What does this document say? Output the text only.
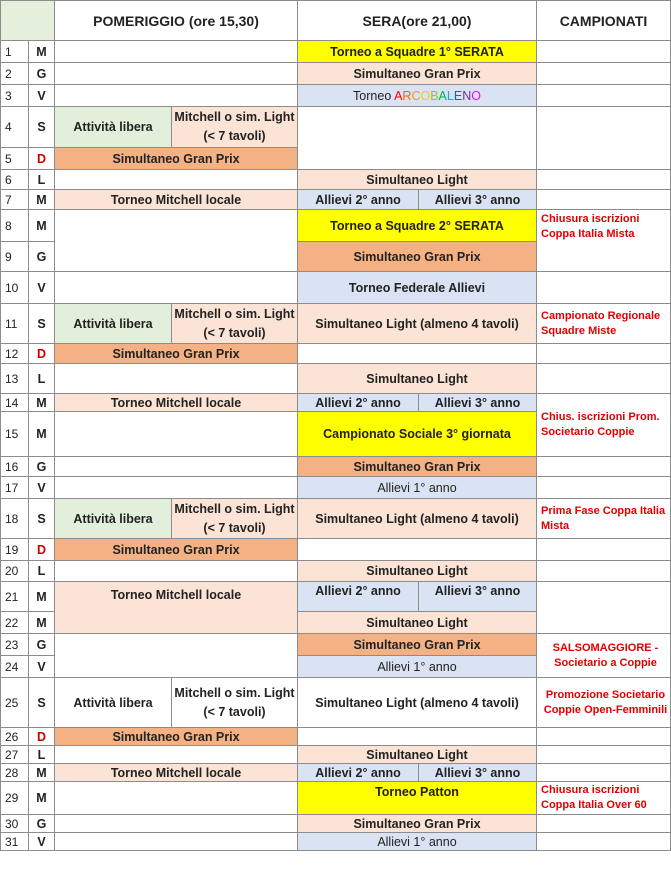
		POMERIGGIO (ore 15,30)		SERA(ore 21,00)		CAMPIONATI
1	M			Torneo a Squadre 1° SERATA		
2	G			Simultaneo Gran Prix		
3	V			Torneo ARCOBALENO		
4	S	Attività libera	Mitchell o sim. Light (< 7 tavoli)			
5	D	Simultaneo Gran Prix				
6	L			Simultaneo Light		
7	M	Torneo Mitchell locale		Allievi 2° anno	Allievi 3° anno	
8	M			Torneo a Squadre 2° SERATA		Chiusura iscrizioni Coppa Italia Mista
9	G			Simultaneo Gran Prix		
10	V			Torneo Federale Allievi		
11	S	Attività libera	Mitchell o sim. Light (< 7 tavoli)	Simultaneo Light (almeno 4 tavoli)		Campionato Regionale Squadre Miste
12	D	Simultaneo Gran Prix				
13	L			Simultaneo Light		
14	M	Torneo Mitchell locale		Allievi 2° anno	Allievi 3° anno	Chius. iscrizioni Prom. Societario Coppie
15	M			Campionato Sociale 3° giornata		
16	G			Simultaneo Gran Prix		
17	V			Allievi 1° anno		
18	S	Attività libera	Mitchell o sim. Light (< 7 tavoli)	Simultaneo Light (almeno 4 tavoli)		Prima Fase Coppa Italia Mista
19	D	Simultaneo Gran Prix				
20	L			Simultaneo Light		
21	M	Torneo Mitchell locale		Allievi 2° anno	Allievi 3° anno	
22	M			Simultaneo Light		
23	G			Simultaneo Gran Prix		SALSOMAGGIORE - Societario a Coppie
24	V			Allievi 1° anno		
25	S	Attività libera	Mitchell o sim. Light (< 7 tavoli)	Simultaneo Light (almeno 4 tavoli)		Promozione Societario Coppie Open-Femminili
26	D	Simultaneo Gran Prix				
27	L			Simultaneo Light		
28	M	Torneo Mitchell locale		Allievi 2° anno	Allievi 3° anno	
29	M			Torneo Patton		Chiusura iscrizioni Coppa Italia Over 60
30	G			Simultaneo Gran Prix		
31	V			Allievi 1° anno		
